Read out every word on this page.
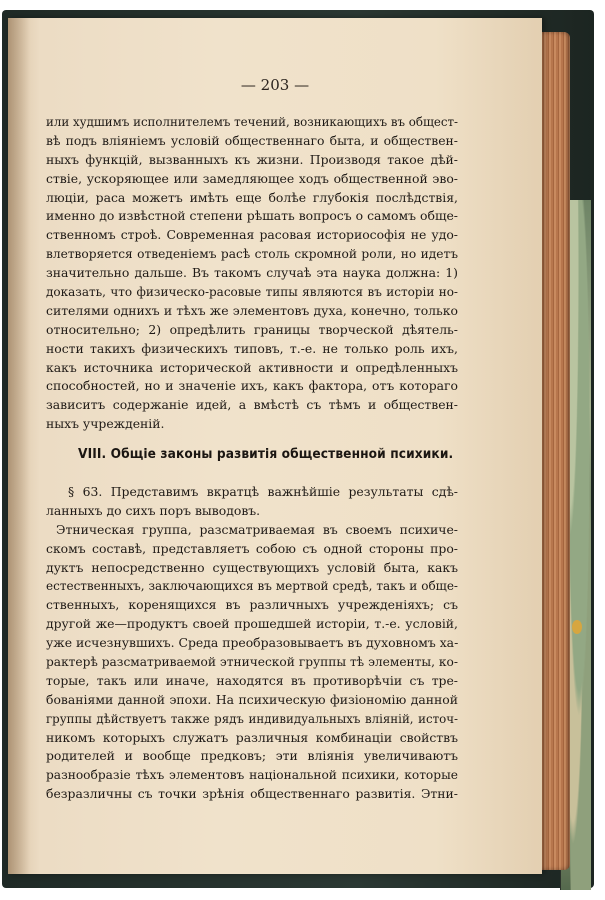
— 203 —
или худшимъ исполнителемъ течений, возникающихъ въ общест-
вѣ подъ вліяніемъ условій общественнаго быта, и обществен-
ныхъ функцій, вызванныхъ къ жизни. Производя такое дѣй-
ствіе, ускоряющее или замедляющее ходъ общественной эво-
люціи, раса можетъ имѣть еще болѣе глубокія послѣдствія,
именно до извѣстной степени рѣшать вопросъ о самомъ обще-
ственномъ строѣ. Современная расовая историософія не удо-
влетворяется отведеніемъ расѣ столь скромной роли, но идетъ
значительно дальше. Въ такомъ случаѣ эта наука должна: 1)
доказать, что физическо-расовые типы являются въ исторіи но-
сителями однихъ и тѣхъ же элементовъ духа, конечно, только
относительно; 2) опредѣлить границы творческой дѣятель-
ности такихъ физическихъ типовъ, т.-е. не только роль ихъ,
какъ источника исторической активности и опредѣленныхъ
способностей, но и значеніе ихъ, какъ фактора, отъ котораго
зависитъ содержаніе идей, а вмѣстѣ съ тѣмъ и обществен-
ныхъ учрежденій.
VIII. Общіе законы развитія общественной психики.
§ 63. Представимъ вкратцѣ важнѣйшіе результаты сдѣ-
ланныхъ до сихъ поръ выводовъ.
Этническая группа, разсматриваемая въ своемъ психиче-
скомъ составѣ, представляетъ собою съ одной стороны про-
дуктъ непосредственно существующихъ условій быта, какъ
естественныхъ, заключающихся въ мертвой средѣ, такъ и обще-
ственныхъ, коренящихся въ различныхъ учрежденіяхъ; съ
другой же—продуктъ своей прошедшей исторіи, т.-е. условій,
уже исчезнувшихъ. Среда преобразовываетъ въ духовномъ ха-
рактерѣ разсматриваемой этнической группы тѣ элементы, ко-
торые, такъ или иначе, находятся въ противорѣчіи съ тре-
бованіями данной эпохи. На психическую физіономію данной
группы дѣйствуетъ также рядъ индивидуальныхъ вліяній, источ-
никомъ которыхъ служатъ различныя комбинаціи свойствъ
родителей и вообще предковъ; эти вліянія увеличиваютъ
разнообразіе тѣхъ элементовъ національной психики, которые
безразличны съ точки зрѣнія общественнаго развитія. Этни-
